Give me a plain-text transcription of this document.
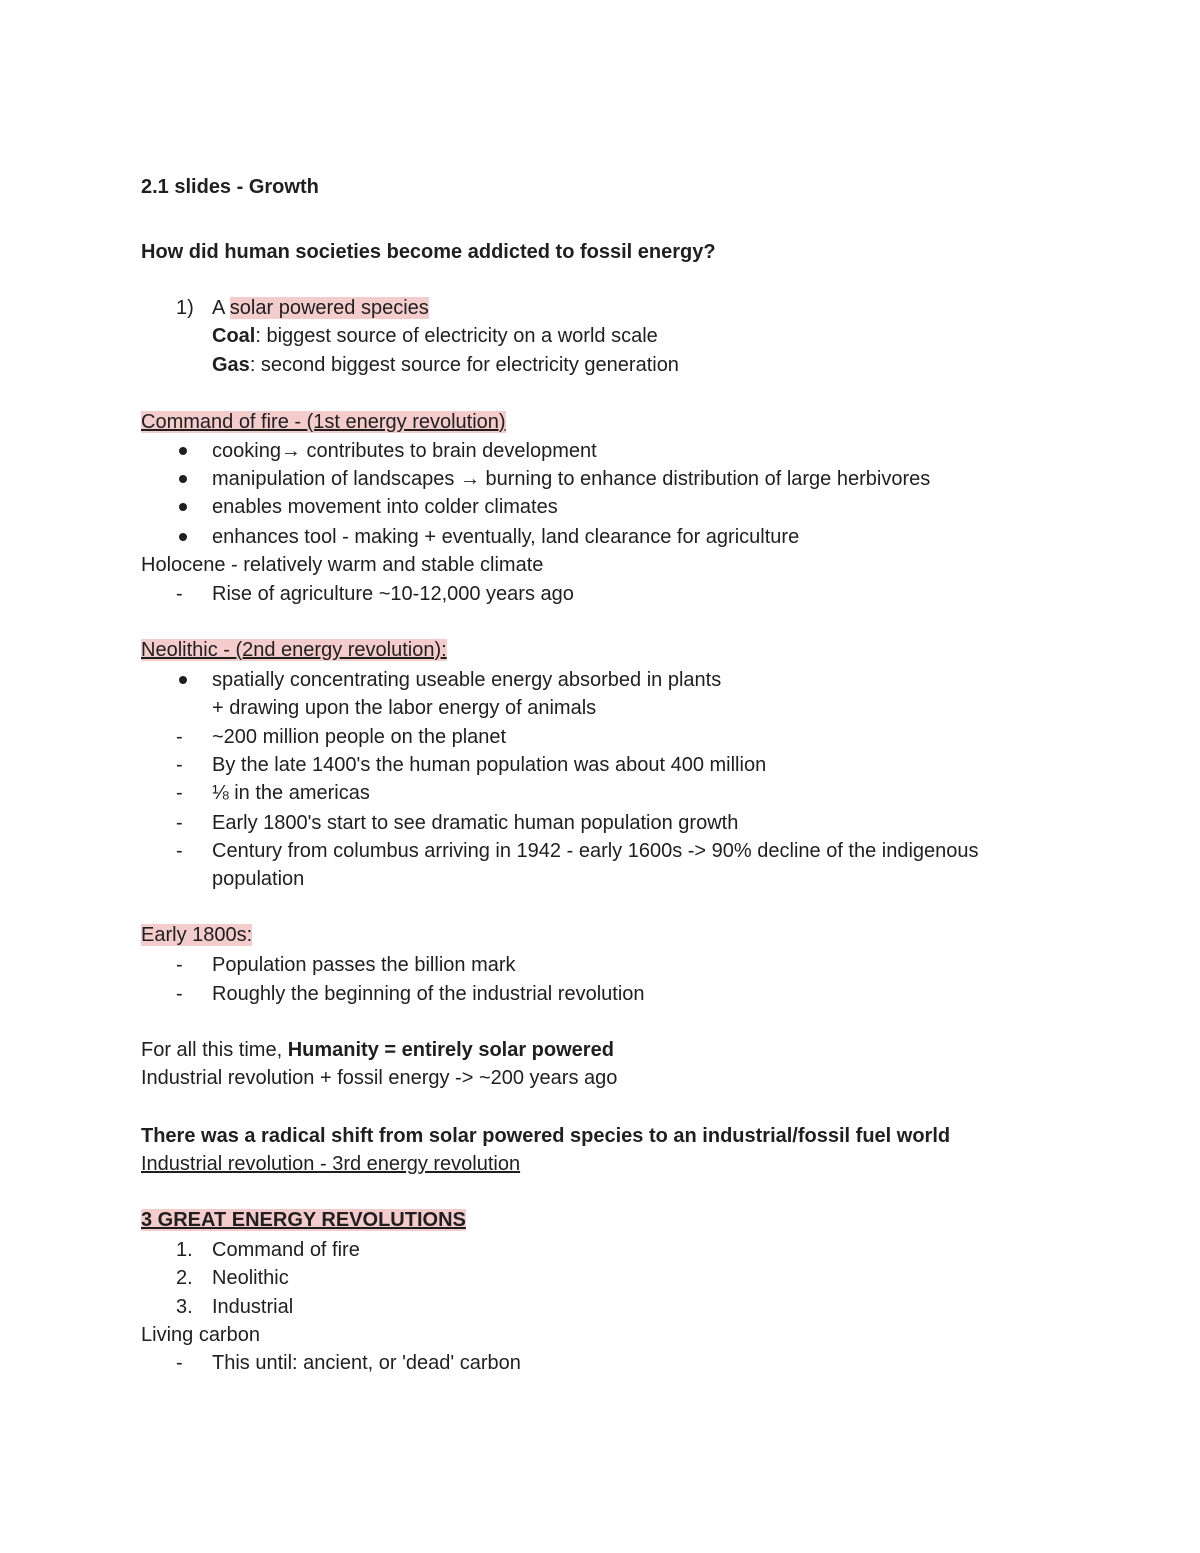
2.1 slides - Growth
How did human societies become addicted to fossil energy?
1) A solar powered species
Coal: biggest source of electricity on a world scale
Gas: second biggest source for electricity generation
Command of fire - (1st energy revolution)
cooking→ contributes to brain development
manipulation of landscapes → burning to enhance distribution of large herbivores
enables movement into colder climates
enhances tool - making + eventually, land clearance for agriculture
Holocene - relatively warm and stable climate
- Rise of agriculture ~10-12,000 years ago
Neolithic - (2nd energy revolution):
spatially concentrating useable energy absorbed in plants
+ drawing upon the labor energy of animals
- ~200 million people on the planet
- By the late 1400's the human population was about 400 million
- ⅛ in the americas
- Early 1800's start to see dramatic human population growth
- Century from columbus arriving in 1942 - early 1600s -> 90% decline of the indigenous
population
Early 1800s:
- Population passes the billion mark
- Roughly the beginning of the industrial revolution
For all this time, Humanity = entirely solar powered
Industrial revolution + fossil energy -> ~200 years ago
There was a radical shift from solar powered species to an industrial/fossil fuel world
Industrial revolution - 3rd energy revolution
3 GREAT ENERGY REVOLUTIONS
1. Command of fire
2. Neolithic
3. Industrial
Living carbon
- This until: ancient, or 'dead' carbon
